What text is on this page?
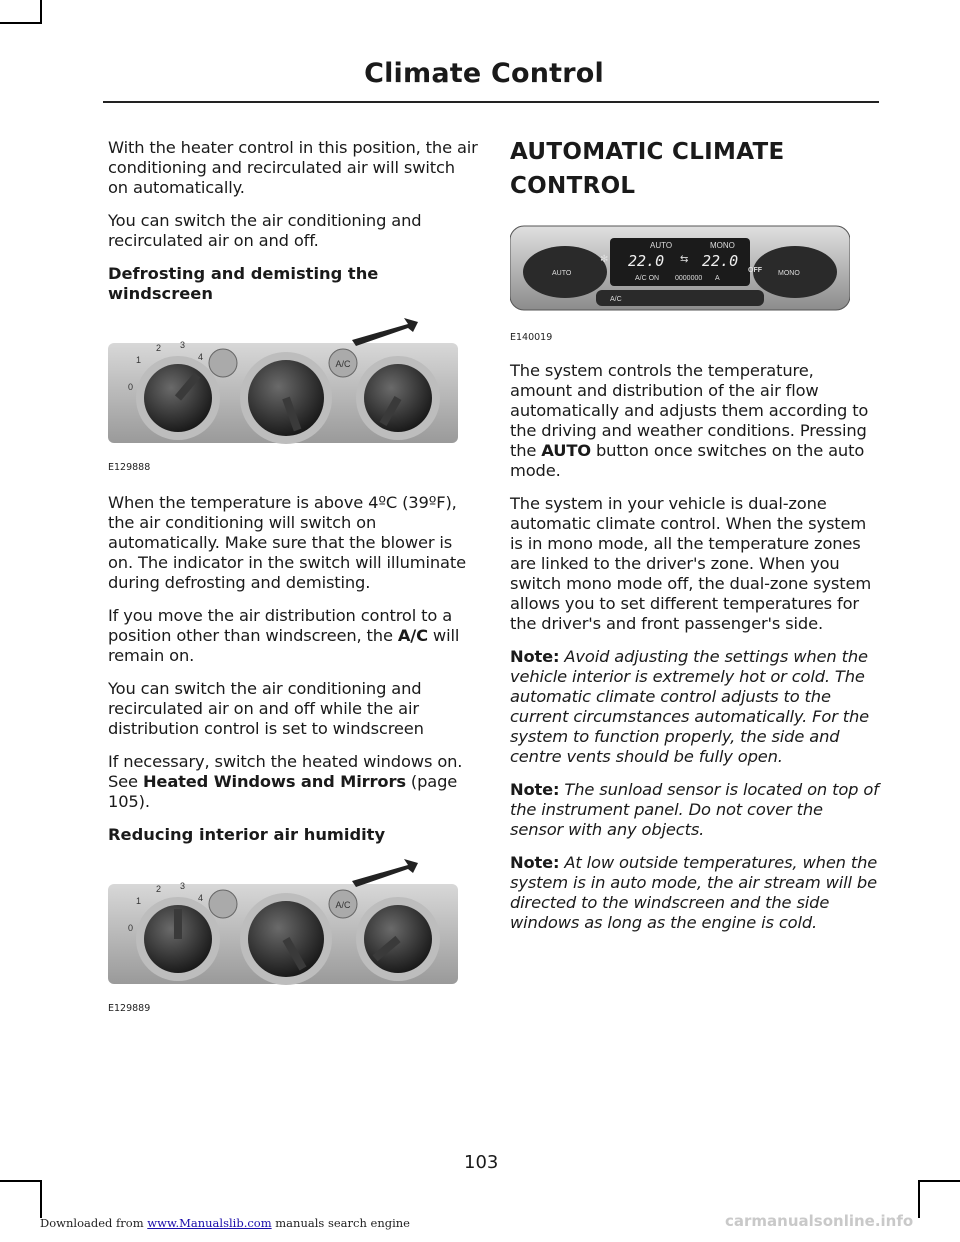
Climate Control

With the heater control in this position, the air conditioning and recirculated air will switch on automatically.

You can switch the air conditioning and recirculated air on and off.

Defrosting and demisting the windscreen
A/C
1
2 3
0
4
E129888

When the temperature is above 4ºC (39ºF), the air conditioning will switch on automatically. Make sure that the blower is on. The indicator in the switch will illuminate during defrosting and demisting.

If you move the air distribution control to a position other than windscreen, the A/C will remain on.

You can switch the air conditioning and recirculated air on and off while the air distribution control is set to windscreen

If necessary, switch the heated windows on. See Heated Windows and Mirrors (page 105).

Reducing interior air humidity
A/C
1
2 3
0
4
E129889
AUTOMATIC CLIMATE
CONTROL
AUTO	MONO
22.0	22.0
A/C ON 0000000 A
AUTO	MONO
OFF
A/C
✻	⇆
E140019

The system controls the temperature, amount and distribution of the air flow automatically and adjusts them according to the driving and weather conditions. Pressing the AUTO button once switches on the auto mode.

The system in your vehicle is dual-zone automatic climate control. When the system is in mono mode, all the temperature zones are linked to the driver's zone. When you switch mono mode off, the dual-zone system allows you to set different temperatures for the driver's and front passenger's side.

Note: Avoid adjusting the settings when the vehicle interior is extremely hot or cold. The automatic climate control adjusts to the current circumstances automatically. For the system to function properly, the side and centre vents should be fully open.

Note: The sunload sensor is located on top of the instrument panel. Do not cover the sensor with any objects.

Note: At low outside temperatures, when the system is in auto mode, the air stream will be directed to the windscreen and the side windows as long as the engine is cold.

103
Downloaded from www.Manualslib.com manuals search engine	carmanualsonline.info
